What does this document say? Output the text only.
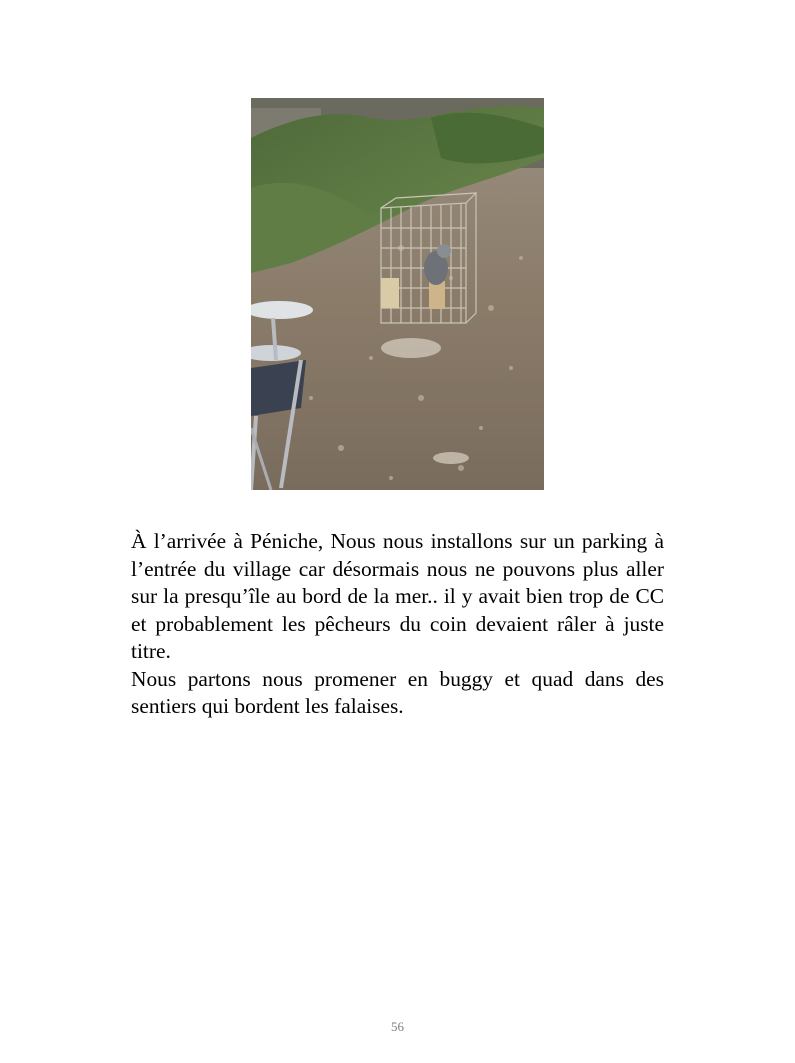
À l’arrivée à Péniche, Nous nous installons sur un parking à l’entrée du village car désormais nous ne pouvons plus aller sur la presqu’île au bord de la mer.. il y avait bien trop de CC et probablement les pêcheurs du coin devaient râler à juste titre.

Nous partons nous promener en buggy et quad dans des sentiers qui bordent les falaises.

56
